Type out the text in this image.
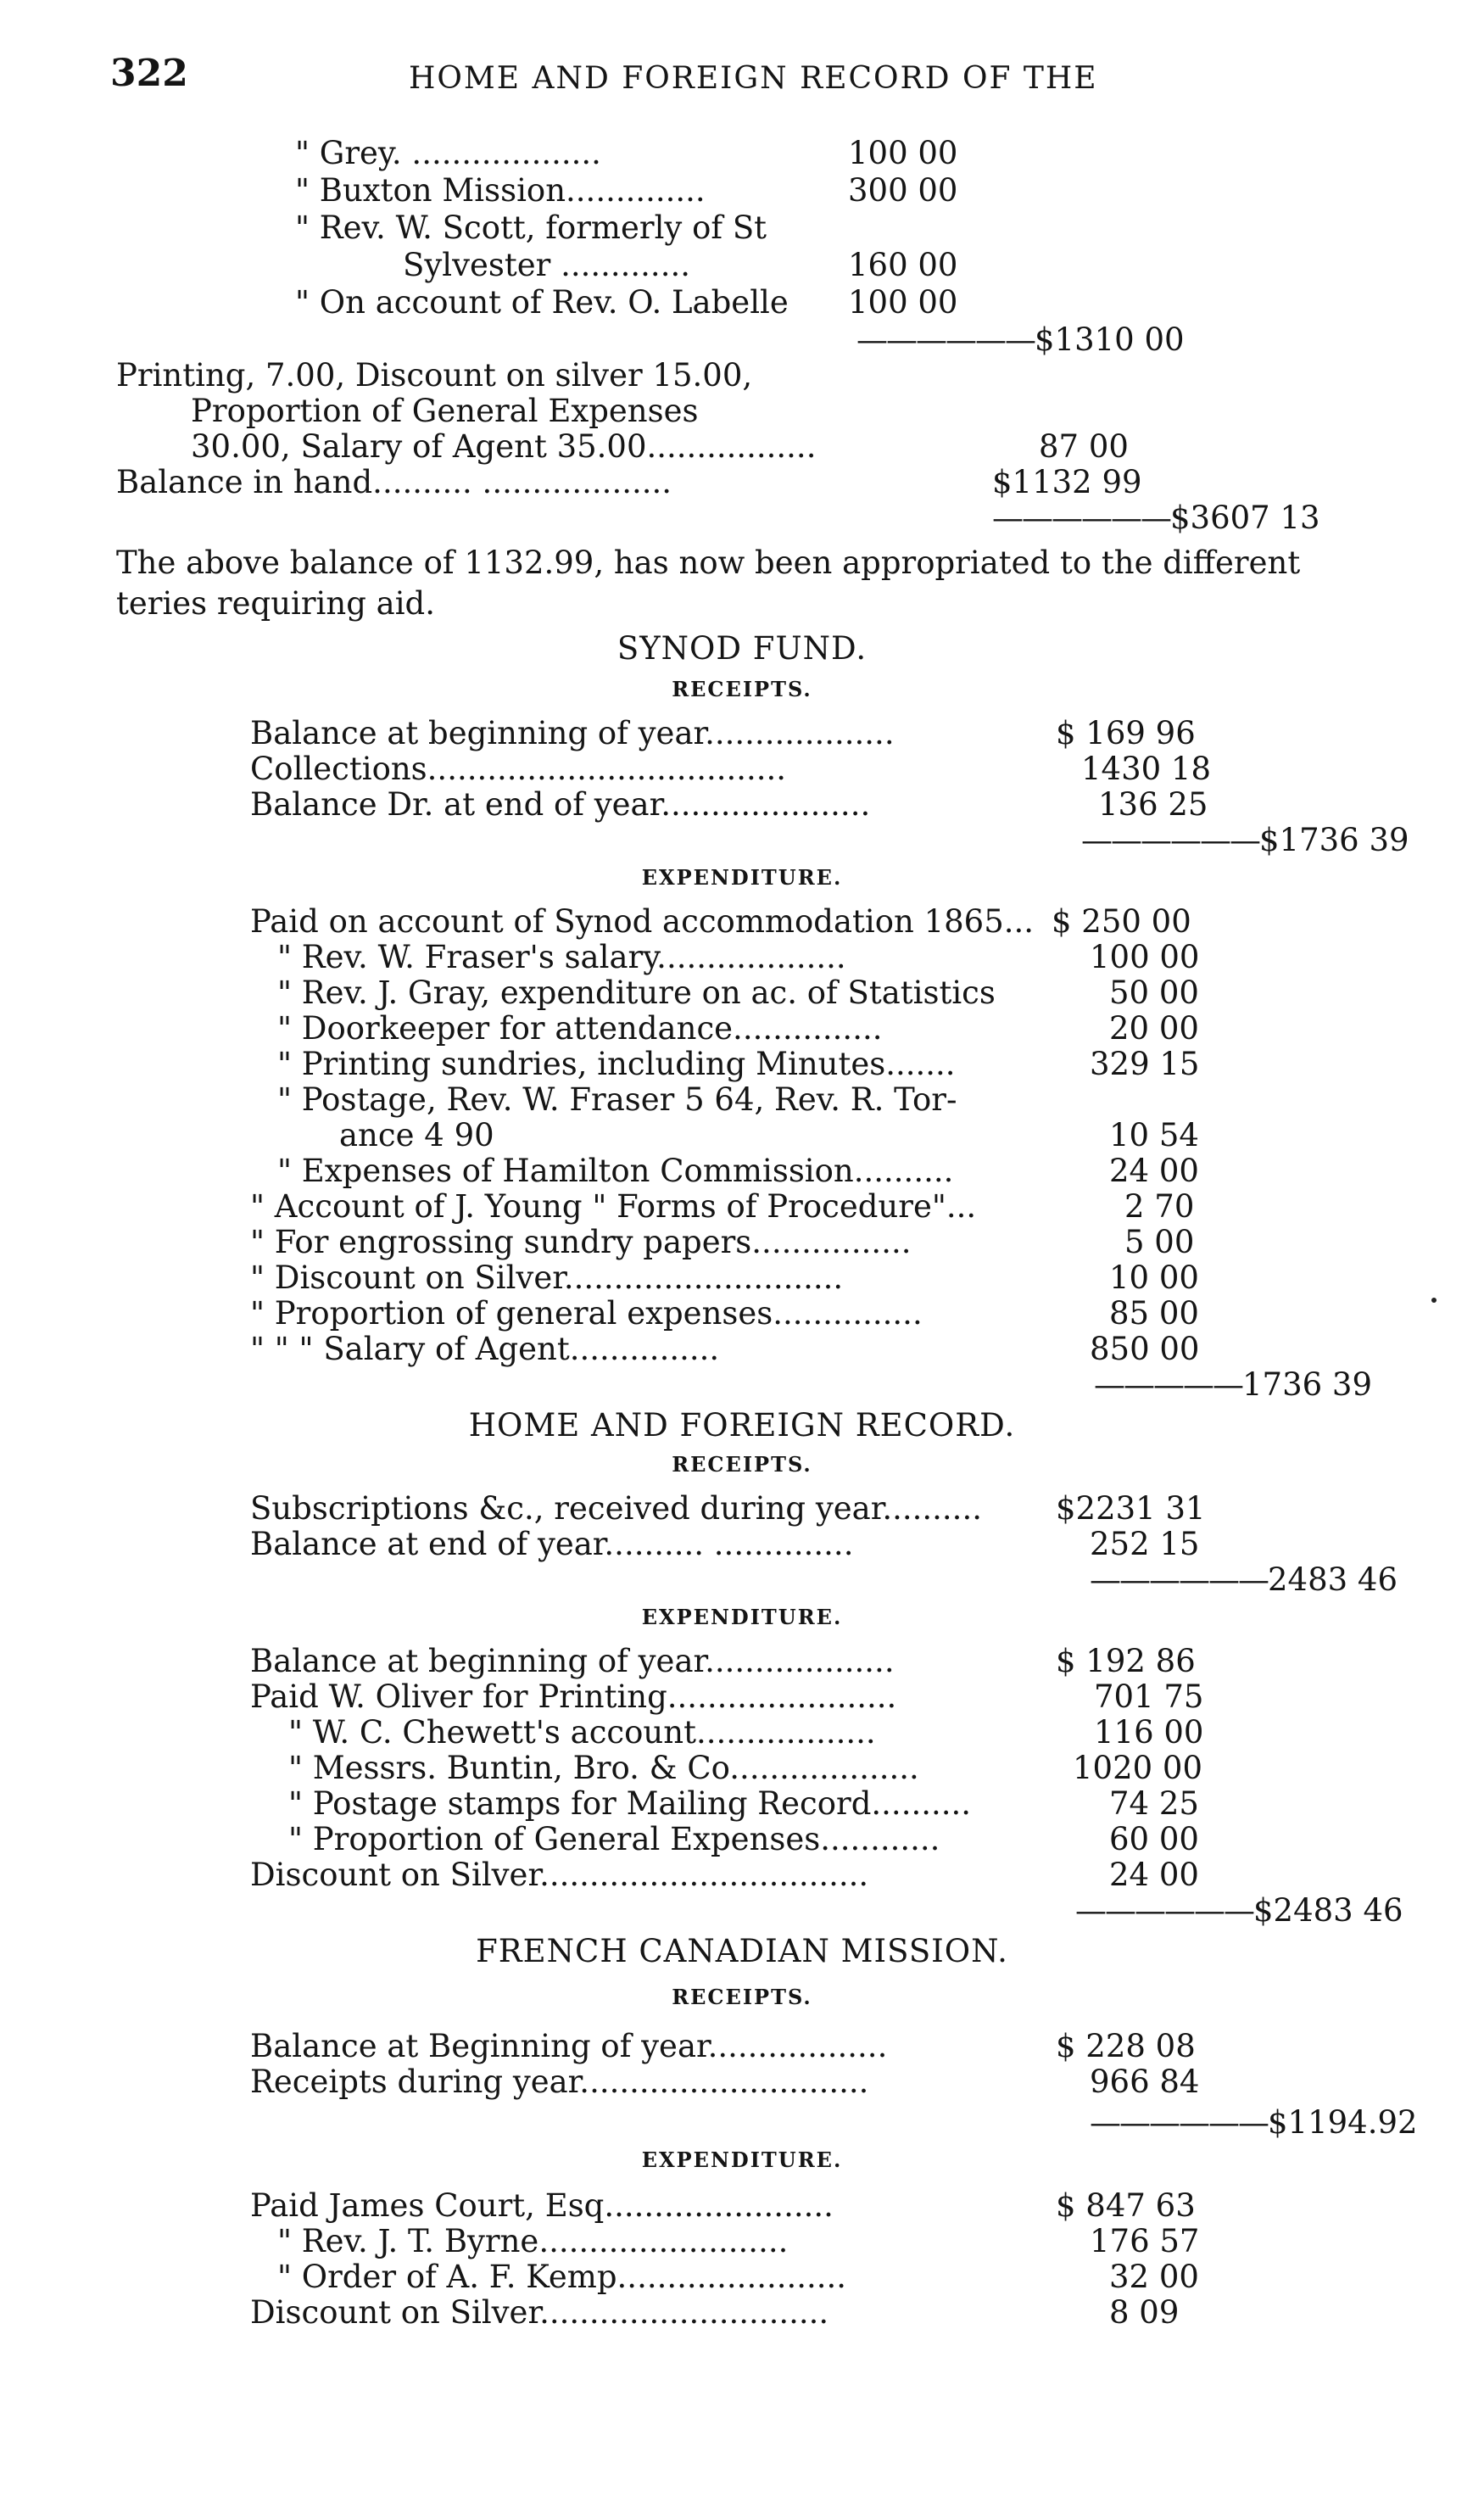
322	HOME AND FOREIGN RECORD OF THE
" Grey. ...................	100 00
" Buxton Mission..............	300 00
" Rev. W. Scott, formerly of St
Sylvester .............	160 00
" On account of Rev. O. Labelle 100 00
——————$1310 00
Printing, 7.00, Discount on silver 15.00,
Proportion of General Expenses
30.00, Salary of Agent 35.00.................	87 00
Balance in hand.......... ...................	$1132 99
——————$3607 13
The above balance of 1132.99, has now been appropriated to the different teries requiring aid.
SYNOD FUND.
RECEIPTS.
Balance at beginning of year...................	$ 169 96
Collections....................................	1430 18
Balance Dr. at end of year.....................	136 25
——————$1736 39
EXPENDITURE.
Paid on account of Synod accommodation 1865... $ 250 00
" Rev. W. Fraser's salary...................	100 00
" Rev. J. Gray, expenditure on ac. of Statistics	50 00
" Doorkeeper for attendance...............	20 00
" Printing sundries, including Minutes.......	329 15
" Postage, Rev. W. Fraser 5 64, Rev. R. Tor-
ance 4 90	10 54
" Expenses of Hamilton Commission..........	24 00
" Account of J. Young " Forms of Procedure"...	2 70
" For engrossing sundry papers................	5 00
" Discount on Silver............................	10 00
" Proportion of general expenses...............	85 00
" " " Salary of Agent...............	850 00
—————1736 39
HOME AND FOREIGN RECORD.
RECEIPTS.
Subscriptions &c., received during year.......... $2231 31
Balance at end of year.......... ..............	252 15
——————2483 46
EXPENDITURE.
Balance at beginning of year...................	$ 192 86
Paid W. Oliver for Printing.......................	701 75
" W. C. Chewett's account..................	116 00
" Messrs. Buntin, Bro. & Co...................	1020 00
" Postage stamps for Mailing Record..........	74 25
" Proportion of General Expenses............	60 00
Discount on Silver.................................	24 00
——————$2483 46
FRENCH CANADIAN MISSION.
RECEIPTS.
Balance at Beginning of year..................	$ 228 08
Receipts during year.............................	966 84
——————$1194.92
EXPENDITURE.
Paid James Court, Esq.......................	$ 847 63
" Rev. J. T. Byrne.........................	176 57
" Order of A. F. Kemp.......................	32 00
Discount on Silver.............................	8 09
